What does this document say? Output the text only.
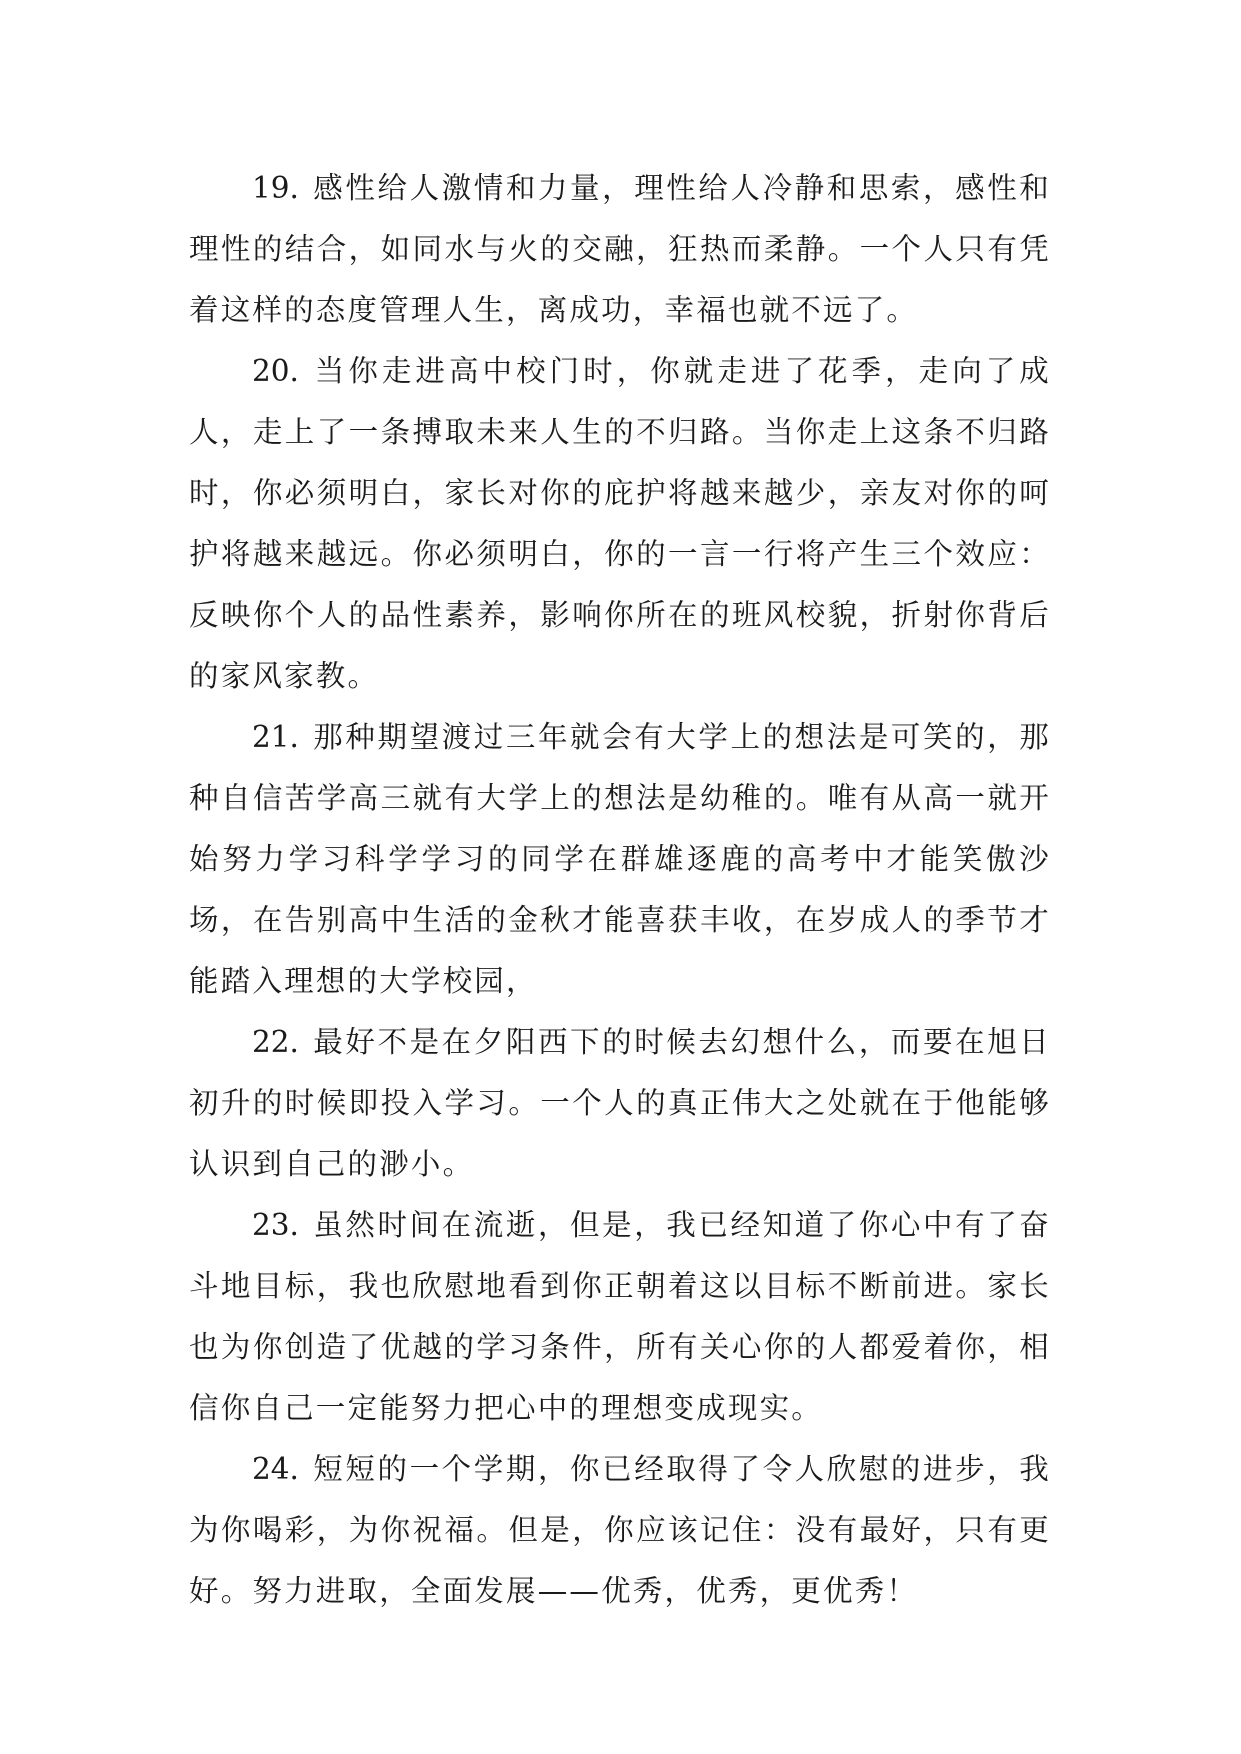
19. 感性给人激情和力量，理性给人冷静和思索，感性和理性的结合，如同水与火的交融，狂热而柔静。一个人只有凭着这样的态度管理人生，离成功，幸福也就不远了。

20. 当你走进高中校门时，你就走进了花季，走向了成人，走上了一条搏取未来人生的不归路。当你走上这条不归路时，你必须明白，家长对你的庇护将越来越少，亲友对你的呵护将越来越远。你必须明白，你的一言一行将产生三个效应：反映你个人的品性素养，影响你所在的班风校貌，折射你背后的家风家教。

21. 那种期望渡过三年就会有大学上的想法是可笑的，那种自信苦学高三就有大学上的想法是幼稚的。唯有从高一就开始努力学习科学学习的同学在群雄逐鹿的高考中才能笑傲沙场，在告别高中生活的金秋才能喜获丰收，在岁成人的季节才能踏入理想的大学校园，

22. 最好不是在夕阳西下的时候去幻想什么，而要在旭日初升的时候即投入学习。一个人的真正伟大之处就在于他能够认识到自己的渺小。

23. 虽然时间在流逝，但是，我已经知道了你心中有了奋斗地目标，我也欣慰地看到你正朝着这以目标不断前进。家长也为你创造了优越的学习条件，所有关心你的人都爱着你，相信你自己一定能努力把心中的理想变成现实。

24. 短短的一个学期，你已经取得了令人欣慰的进步，我为你喝彩，为你祝福。但是，你应该记住：没有最好，只有更好。努力进取，全面发展——优秀，优秀，更优秀！
